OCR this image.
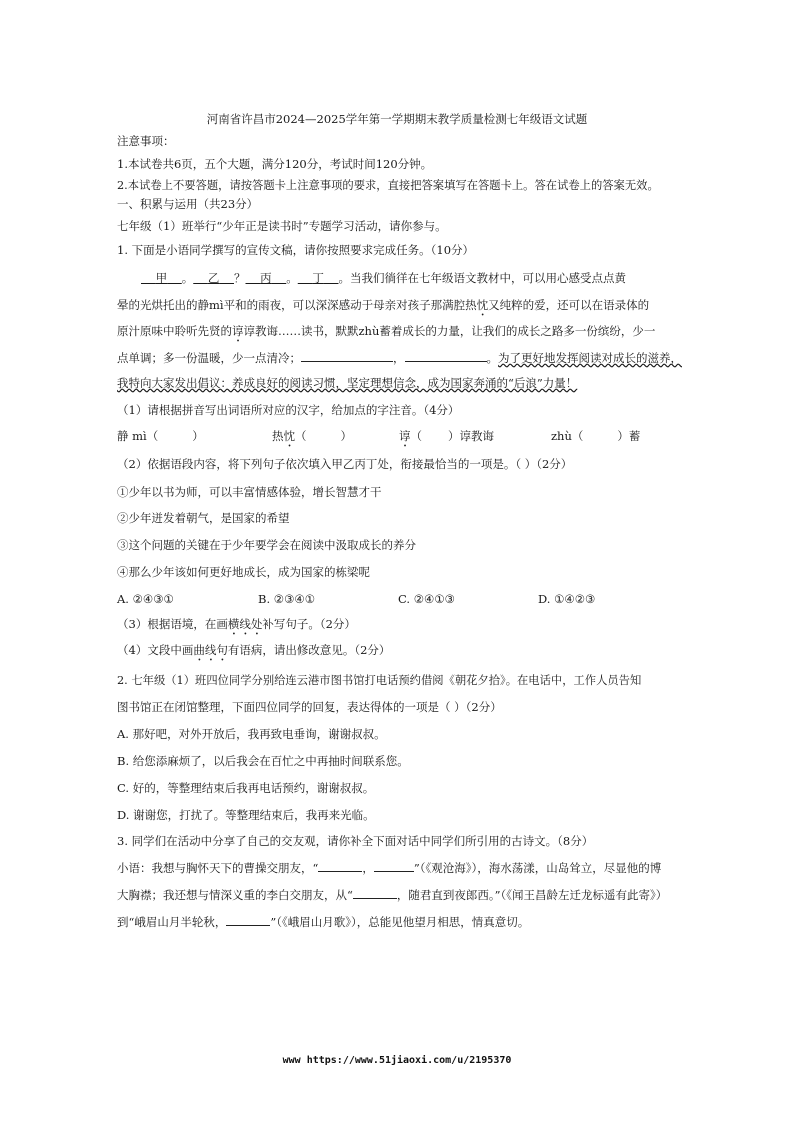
河南省许昌市2024—2025学年第一学期期末教学质量检测七年级语文试题
注意事项：
1.本试卷共6页，五个大题，满分120分，考试时间120分钟。
2.本试卷上不要答题，请按答题卡上注意事项的要求，直接把答案填写在答题卡上。答在试卷上的答案无效。
一、积累与运用（共23分）
七年级（1）班举行“少年正是读书时”专题学习活动，请你参与。
1. 下面是小语同学撰写的宣传文稿，请你按照要求完成任务。（10分）
甲 。 乙 ？ 丙 。 丁 。当我们徜徉在七年级语文教材中，可以用心感受点点黄
晕的光烘托出的静mì平和的雨夜，可以深深感动于母亲对孩子那满腔热忱又纯粹的爱，还可以在语录体的
原汁原味中聆听先贤的谆谆教诲……读书，默默zhù蓄着成长的力量，让我们的成长之路多一份缤纷，少一
点单调；多一份温暖，少一点清冷；	，	。为了更好地发挥阅读对成长的滋养，
我特向大家发出倡议：养成良好的阅读习惯，坚定理想信念，成为国家奔涌的“后浪”力量！
（1）请根据拼音写出词语所对应的汉字，给加点的字注音。（4分）
静 mì（	）	热忱（	）	谆（ ）谆教诲	zhù（	）蓄
（2）依据语段内容，将下列句子依次填入甲乙丙丁处，衔接最恰当的一项是。（ ）（2分）
①少年以书为师，可以丰富情感体验，增长智慧才干
②少年迸发着朝气，是国家的希望
③这个问题的关键在于少年要学会在阅读中汲取成长的养分
④那么少年该如何更好地成长，成为国家的栋梁呢
A. ②④③①	B. ②③④①	C. ②④①③	D. ①④②③
（3）根据语境，在画横线处补写句子。（2分）
（4）文段中画曲线句有语病，请出修改意见。（2分）
2. 七年级（1）班四位同学分别给连云港市图书馆打电话预约借阅《朝花夕拾》。在电话中，工作人员告知
图书馆正在闭馆整理，下面四位同学的回复，表达得体的一项是（ ）（2分）
A. 那好吧，对外开放后，我再致电垂询，谢谢叔叔。
B. 给您添麻烦了，以后我会在百忙之中再抽时间联系您。
C. 好的，等整理结束后我再电话预约，谢谢叔叔。
D. 谢谢您，打扰了。等整理结束后，我再来光临。
3. 同学们在活动中分享了自己的交友观，请你补全下面对话中同学们所引用的古诗文。（8分）
小语：我想与胸怀天下的曹操交朋友，“	，	”（《观沧海》），海水荡漾，山岛耸立，尽显他的博
大胸襟；我还想与情深义重的李白交朋友，从“	，随君直到夜郎西。”（《闻王昌龄左迁龙标遥有此寄》）
到“峨眉山月半轮秋，	”（《峨眉山月歌》），总能见他望月相思，情真意切。
www https://www.51jiaoxi.com/u/2195370
